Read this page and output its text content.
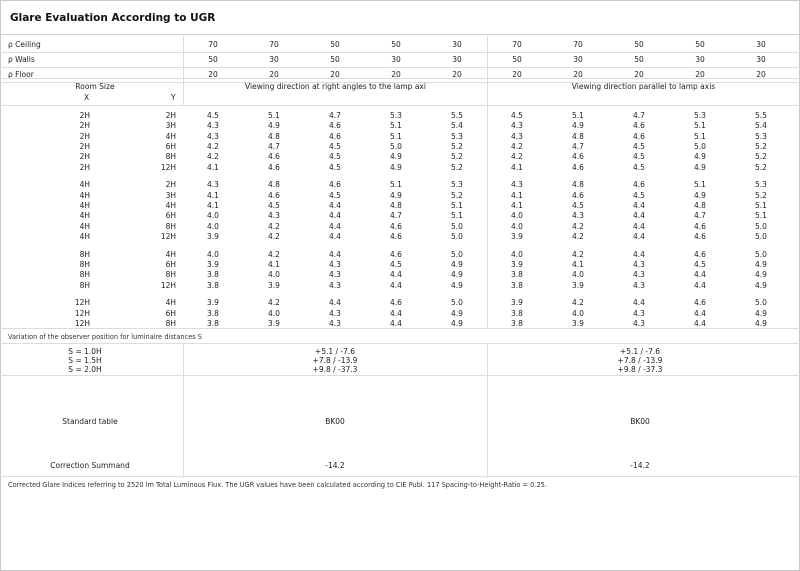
Glare Evaluation According to UGR
ρ Ceiling	70	70	50	50	30	70	70	50	50	30
ρ Walls	50	30	50	30	30	50	30	50	30	30
ρ Floor	20	20	20	20	20	20	20	20	20	20
Room Size
X	Y
Viewing direction at right angles to the lamp axi	Viewing direction parallel to lamp axis
2H	2H	4.5	5.1	4.7	5.3	5.5	4.5	5.1	4.7	5.3	5.5
2H	3H	4.3	4.9	4.6	5.1	5.4	4.3	4.9	4.6	5.1	5.4
2H	4H	4.3	4.8	4.6	5.1	5.3	4.3	4.8	4.6	5.1	5.3
2H	6H	4.2	4.7	4.5	5.0	5.2	4.2	4.7	4.5	5.0	5.2
2H	8H	4.2	4.6	4.5	4.9	5.2	4.2	4.6	4.5	4.9	5.2
2H	12H	4.1	4.6	4.5	4.9	5.2	4.1	4.6	4.5	4.9	5.2
4H	2H	4.3	4.8	4.6	5.1	5.3	4.3	4.8	4.6	5.1	5.3
4H	3H	4.1	4.6	4.5	4.9	5.2	4.1	4.6	4.5	4.9	5.2
4H	4H	4.1	4.5	4.4	4.8	5.1	4.1	4.5	4.4	4.8	5.1
4H	6H	4.0	4.3	4.4	4.7	5.1	4.0	4.3	4.4	4.7	5.1
4H	8H	4.0	4.2	4.4	4.6	5.0	4.0	4.2	4.4	4.6	5.0
4H	12H	3.9	4.2	4.4	4.6	5.0	3.9	4.2	4.4	4.6	5.0
8H	4H	4.0	4.2	4.4	4.6	5.0	4.0	4.2	4.4	4.6	5.0
8H	6H	3.9	4.1	4.3	4.5	4.9	3.9	4.1	4.3	4.5	4.9
8H	8H	3.8	4.0	4.3	4.4	4.9	3.8	4.0	4.3	4.4	4.9
8H	12H	3.8	3.9	4.3	4.4	4.9	3.8	3.9	4.3	4.4	4.9
12H	4H	3.9	4.2	4.4	4.6	5.0	3.9	4.2	4.4	4.6	5.0
12H	6H	3.8	4.0	4.3	4.4	4.9	3.8	4.0	4.3	4.4	4.9
12H	8H	3.8	3.9	4.3	4.4	4.9	3.8	3.9	4.3	4.4	4.9
Variation of the observer position for luminaire distances S
S = 1.0H	+5.1 / -7.6	+5.1 / -7.6
S = 1.5H	+7.8 / -13.9	+7.8 / -13.9
S = 2.0H	+9.8 / -37.3	+9.8 / -37.3
Standard table	BK00	BK00
Correction Summand	-14.2	-14.2
Corrected Glare Indices referring to 2520 lm Total Luminous Flux. The UGR values have been calculated according to CIE Publ. 117 Spacing-to-Height-Ratio = 0.25.
